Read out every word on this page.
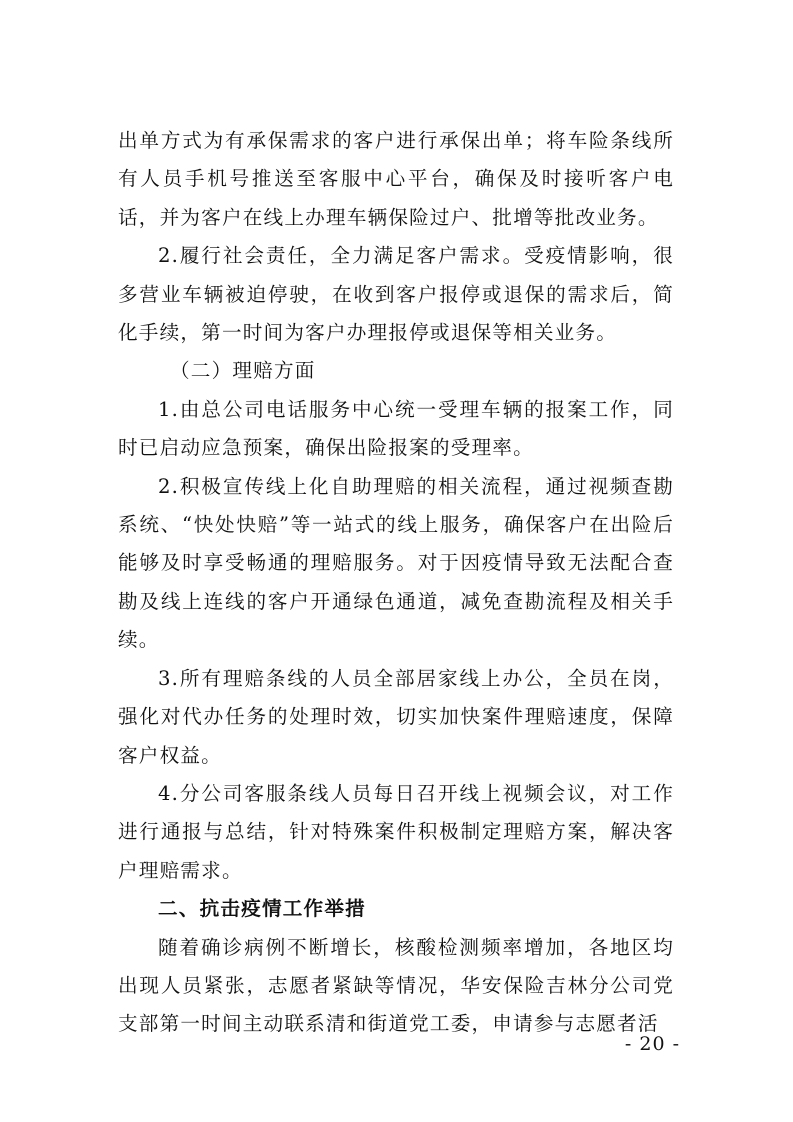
出单方式为有承保需求的客户进行承保出单；将车险条线所有人员手机号推送至客服中心平台，确保及时接听客户电话，并为客户在线上办理车辆保险过户、批增等批改业务。

2.履行社会责任，全力满足客户需求。受疫情影响，很多营业车辆被迫停驶，在收到客户报停或退保的需求后，简化手续，第一时间为客户办理报停或退保等相关业务。

（二）理赔方面

1.由总公司电话服务中心统一受理车辆的报案工作，同时已启动应急预案，确保出险报案的受理率。

2.积极宣传线上化自助理赔的相关流程，通过视频查勘系统、“快处快赔”等一站式的线上服务，确保客户在出险后能够及时享受畅通的理赔服务。对于因疫情导致无法配合查勘及线上连线的客户开通绿色通道，减免查勘流程及相关手续。

3.所有理赔条线的人员全部居家线上办公，全员在岗，强化对代办任务的处理时效，切实加快案件理赔速度，保障客户权益。

4.分公司客服条线人员每日召开线上视频会议，对工作进行通报与总结，针对特殊案件积极制定理赔方案，解决客户理赔需求。

二、抗击疫情工作举措

随着确诊病例不断增长，核酸检测频率增加，各地区均出现人员紧张，志愿者紧缺等情况，华安保险吉林分公司党支部第一时间主动联系清和街道党工委，申请参与志愿者活

- 20 -
